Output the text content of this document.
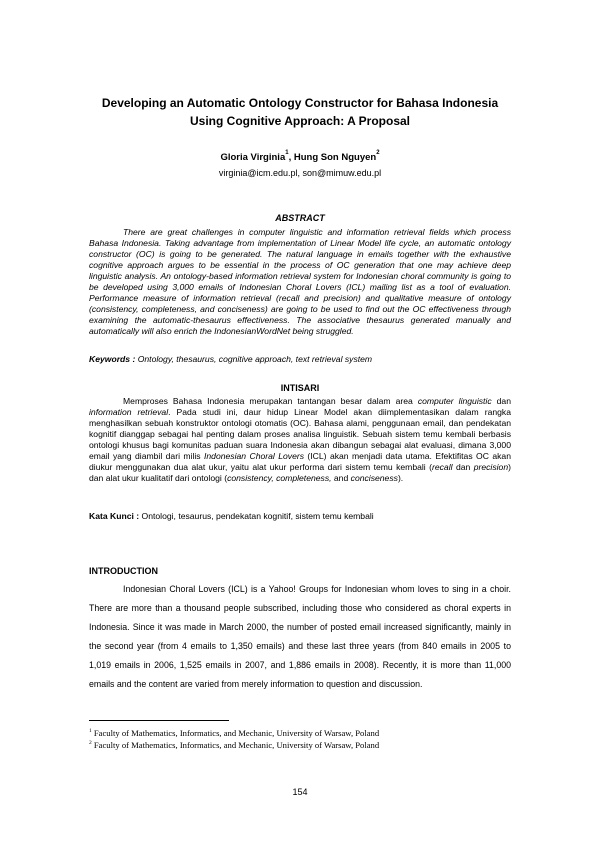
Developing an Automatic Ontology Constructor for Bahasa Indonesia
Using Cognitive Approach: A Proposal
Gloria Virginia$^1$, Hung Son Nguyen$^2$
virginia@icm.edu.pl, son@mimuw.edu.pl
ABSTRACT
There are great challenges in computer linguistic and information retrieval fields which process Bahasa Indonesia. Taking advantage from implementation of Linear Model life cycle, an automatic ontology constructor (OC) is going to be generated. The natural language in emails together with the exhaustive cognitive approach argues to be essential in the process of OC generation that one may achieve deep linguistic analysis. An ontology-based information retrieval system for Indonesian choral community is going to be developed using 3,000 emails of Indonesian Choral Lovers (ICL) mailing list as a tool of evaluation. Performance measure of information retrieval (recall and precision) and qualitative measure of ontology (consistency, completeness, and conciseness) are going to be used to find out the OC effectiveness through examining the automatic-thesaurus effectiveness. The associative thesaurus generated manually and automatically will also enrich the IndonesianWordNet being struggled.
Keywords : Ontology, thesaurus, cognitive approach, text retrieval system
INTISARI
Memproses Bahasa Indonesia merupakan tantangan besar dalam area computer linguistic dan information retrieval. Pada studi ini, daur hidup Linear Model akan diimplementasikan dalam rangka menghasilkan sebuah konstruktor ontologi otomatis (OC). Bahasa alami, penggunaan email, dan pendekatan kognitif dianggap sebagai hal penting dalam proses analisa linguistik. Sebuah sistem temu kembali berbasis ontologi khusus bagi komunitas paduan suara Indonesia akan dibangun sebagai alat evaluasi, dimana 3,000 email yang diambil dari milis Indonesian Choral Lovers (ICL) akan menjadi data utama. Efektifitas OC akan diukur menggunakan dua alat ukur, yaitu alat ukur performa dari sistem temu kembali (recall dan precision) dan alat ukur kualitatif dari ontologi (consistency, completeness, and conciseness).
Kata Kunci : Ontologi, tesaurus, pendekatan kognitif, sistem temu kembali
INTRODUCTION
Indonesian Choral Lovers (ICL) is a Yahoo! Groups for Indonesian whom loves to sing in a choir. There are more than a thousand people subscribed, including those who considered as choral experts in Indonesia. Since it was made in March 2000, the number of posted email increased significantly, mainly in the second year (from 4 emails to 1,350 emails) and these last three years (from 840 emails in 2005 to 1,019 emails in 2006, 1,525 emails in 2007, and 1,886 emails in 2008). Recently, it is more than 11,000 emails and the content are varied from merely information to question and discussion.
$^1$ Faculty of Mathematics, Informatics, and Mechanic, University of Warsaw, Poland
$^2$ Faculty of Mathematics, Informatics, and Mechanic, University of Warsaw, Poland
154
